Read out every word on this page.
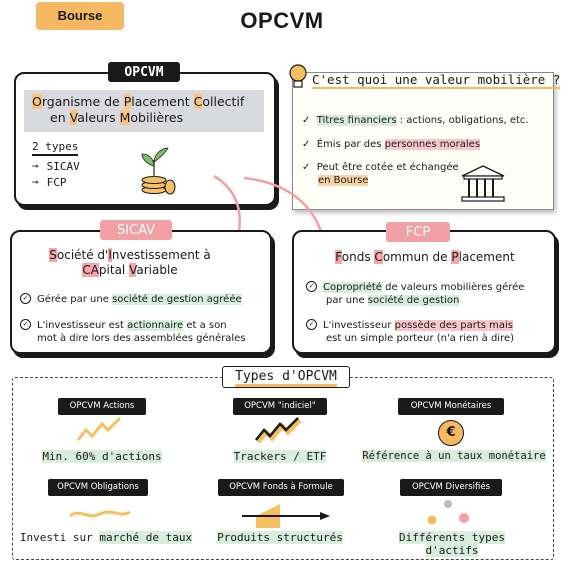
Bourse	OPCVM
OPCVM
Organisme de Placement Collectif
en Valeurs Mobilières
2 types
➞ SICAV
➞ FCP
C'est quoi une valeur mobilière ?
✓ Titres financiers : actions, obligations, etc.
✓ Émis par des personnes morales
✓ Peut être cotée et échangée
en Bourse
SICAV
Société d'Investissement à
CApital Variable
✓ Gérée par une société de gestion agréée
✓ L'investisseur est actionnaire et a son
mot à dire lors des assemblées générales
FCP
Fonds Commun de Placement
✓ Copropriété de valeurs mobilières gérée
par une société de gestion
✓ L'investisseur possède des parts mais
est un simple porteur (n'a rien à dire)
Types d'OPCVM
OPCVM Actions
Min. 60% d'actions
OPCVM "indiciel"
Trackers / ETF
OPCVM Monétaires
€
Référence à un taux monétaire
OPCVM Obligations
Investi sur marché de taux
OPCVM Fonds à Formule
Produits structurés
OPCVM Diversifiés
Différents types d'actifs
